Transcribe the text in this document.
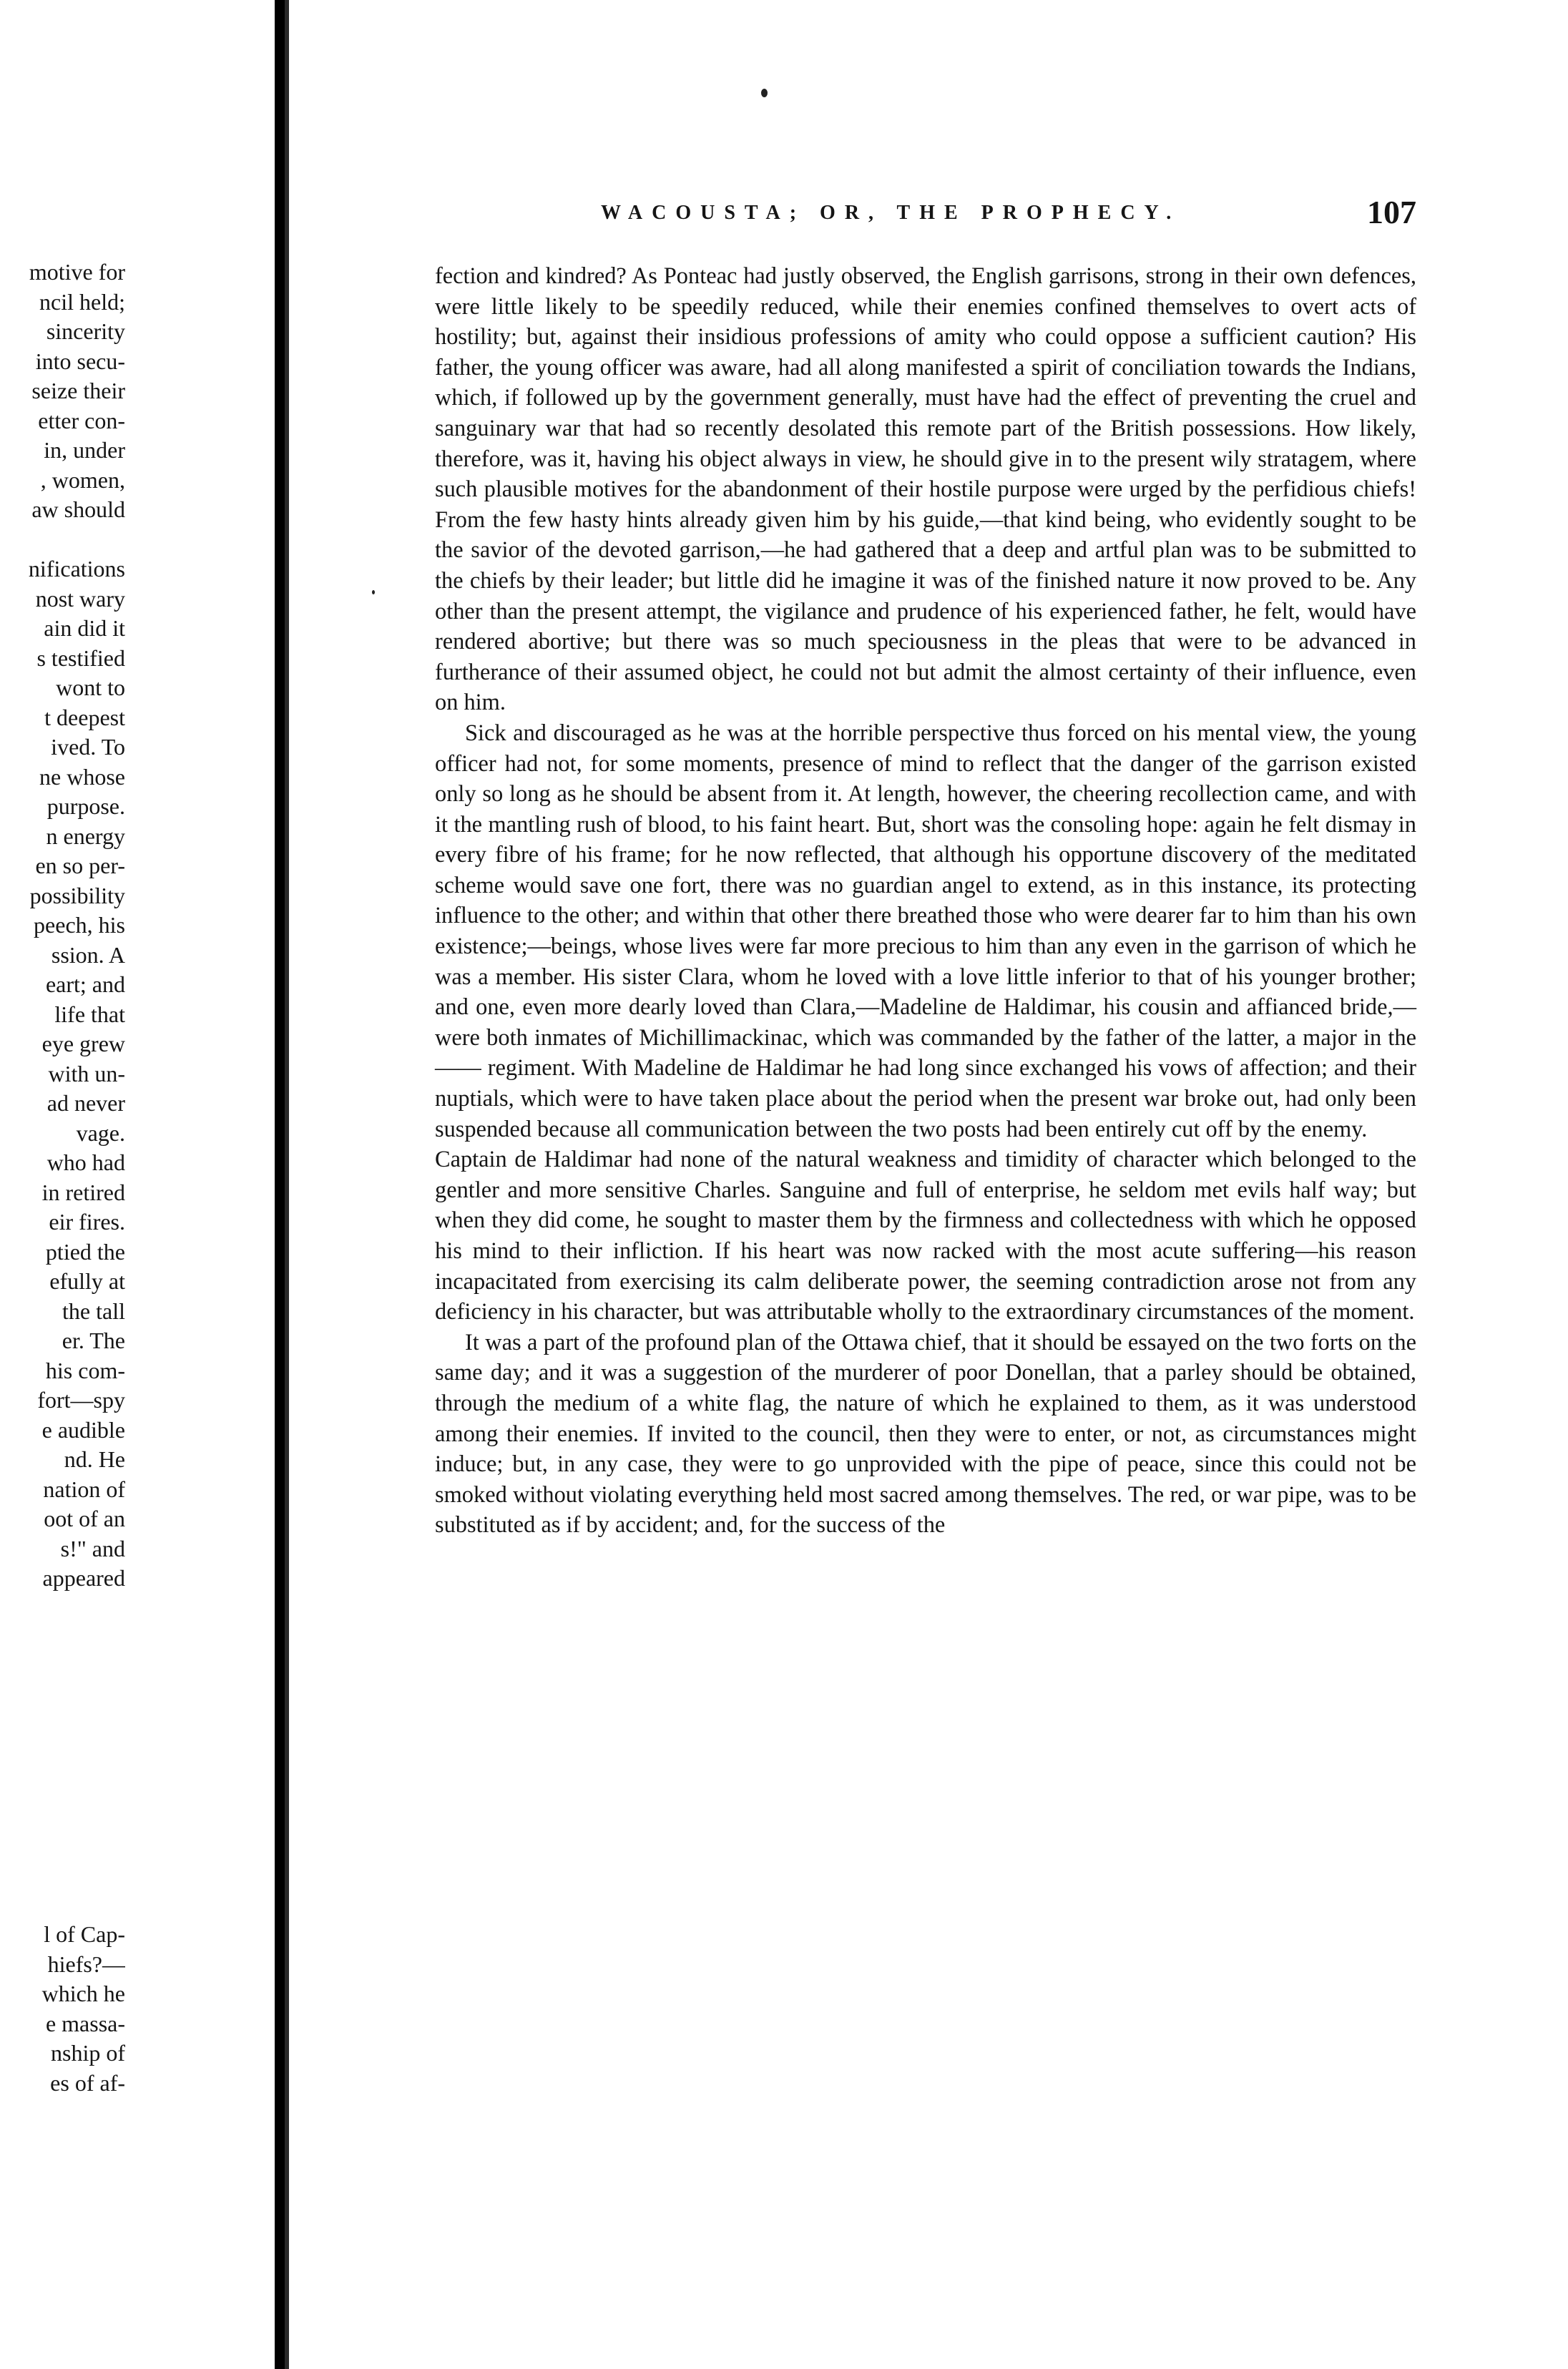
motive for
ncil held;
sincerity
into secu-
seize their
etter con-
in, under
, women,
aw should

nifications
nost wary
ain did it
s testified
wont to
t deepest
ived. To
ne whose
purpose.
n energy
en so per-
possibility
peech, his
ssion. A
eart; and
life that
eye grew
with un-
ad never
vage.
who had
in retired
eir fires.
ptied the
efully at
the tall
er. The
his com-
fort—spy
e audible
nd. He
nation of
oot of an
s!" and
appeared

l of Cap-
hiefs?—
which he
e massa-
nship of
es of af-
WACOUSTA; OR, THE PROPHECY.	107

fection and kindred? As Ponteac had justly observed, the English garrisons, strong in their own defences, were little likely to be speedily reduced, while their enemies confined themselves to overt acts of hostility; but, against their insidious professions of amity who could oppose a sufficient caution? His father, the young officer was aware, had all along manifested a spirit of conciliation towards the Indians, which, if followed up by the government generally, must have had the effect of preventing the cruel and sanguinary war that had so recently desolated this remote part of the British possessions. How likely, therefore, was it, having his object always in view, he should give in to the present wily stratagem, where such plausible motives for the abandonment of their hostile purpose were urged by the perfidious chiefs! From the few hasty hints already given him by his guide,—that kind being, who evidently sought to be the savior of the devoted garrison,—he had gathered that a deep and artful plan was to be submitted to the chiefs by their leader; but little did he imagine it was of the finished nature it now proved to be. Any other than the present attempt, the vigilance and prudence of his experienced father, he felt, would have rendered abortive; but there was so much speciousness in the pleas that were to be advanced in furtherance of their assumed object, he could not but admit the almost certainty of their influence, even on him.

Sick and discouraged as he was at the horrible perspective thus forced on his mental view, the young officer had not, for some moments, presence of mind to reflect that the danger of the garrison existed only so long as he should be absent from it. At length, however, the cheering recollection came, and with it the mantling rush of blood, to his faint heart. But, short was the consoling hope: again he felt dismay in every fibre of his frame; for he now reflected, that although his opportune discovery of the meditated scheme would save one fort, there was no guardian angel to extend, as in this instance, its protecting influence to the other; and within that other there breathed those who were dearer far to him than his own existence;—beings, whose lives were far more precious to him than any even in the garrison of which he was a member. His sister Clara, whom he loved with a love little inferior to that of his younger brother; and one, even more dearly loved than Clara,—Madeline de Haldimar, his cousin and affianced bride,—were both inmates of Michillimackinac, which was commanded by the father of the latter, a major in the —— regiment. With Madeline de Haldimar he had long since exchanged his vows of affection; and their nuptials, which were to have taken place about the period when the present war broke out, had only been suspended because all communication between the two posts had been entirely cut off by the enemy.

Captain de Haldimar had none of the natural weakness and timidity of character which belonged to the gentler and more sensitive Charles. Sanguine and full of enterprise, he seldom met evils half way; but when they did come, he sought to master them by the firmness and collectedness with which he opposed his mind to their infliction. If his heart was now racked with the most acute suffering—his reason incapacitated from exercising its calm deliberate power, the seeming contradiction arose not from any deficiency in his character, but was attributable wholly to the extraordinary circumstances of the moment.

It was a part of the profound plan of the Ottawa chief, that it should be essayed on the two forts on the same day; and it was a suggestion of the murderer of poor Donellan, that a parley should be obtained, through the medium of a white flag, the nature of which he explained to them, as it was understood among their enemies. If invited to the council, then they were to enter, or not, as circumstances might induce; but, in any case, they were to go unprovided with the pipe of peace, since this could not be smoked without violating everything held most sacred among themselves. The red, or war pipe, was to be substituted as if by accident; and, for the success of the
